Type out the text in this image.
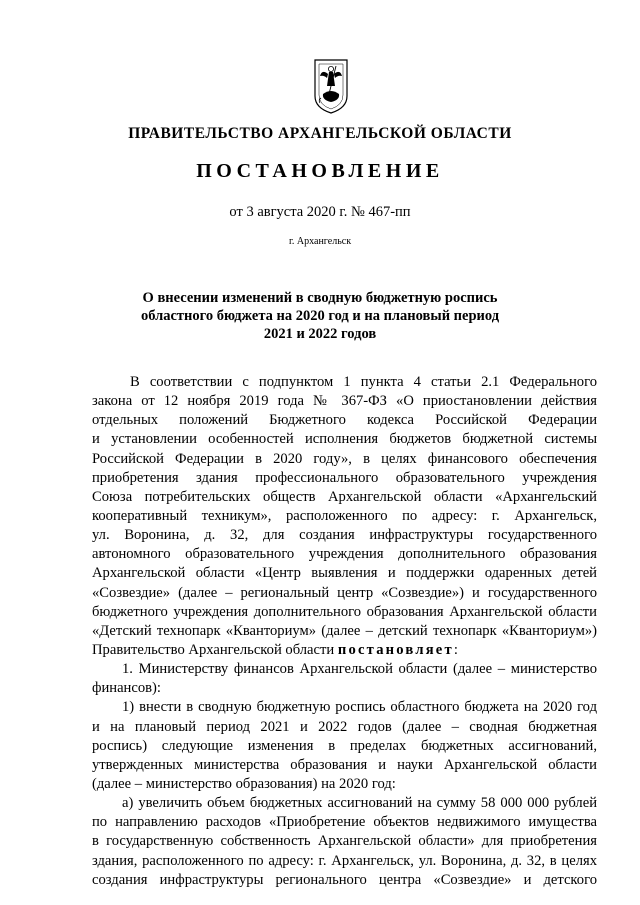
ПРАВИТЕЛЬСТВО АРХАНГЕЛЬСКОЙ ОБЛАСТИ
ПОСТАНОВЛЕНИЕ
от 3 августа 2020 г. № 467-пп
г. Архангельск
О внесении изменений в сводную бюджетную роспись
областного бюджета на 2020 год и на плановый период
2021 и 2022 годов
В соответствии с подпунктом 1 пункта 4 статьи 2.1 Федерального
закона от 12 ноября 2019 года № 367-ФЗ «О приостановлении действия
отдельных положений Бюджетного кодекса Российской Федерации
и установлении особенностей исполнения бюджетов бюджетной системы
Российской Федерации в 2020 году», в целях финансового обеспечения
приобретения здания профессионального образовательного учреждения
Союза потребительских обществ Архангельской области «Архангельский
кооперативный техникум», расположенного по адресу: г. Архангельск,
ул. Воронина, д. 32, для создания инфраструктуры государственного
автономного образовательного учреждения дополнительного образования
Архангельской области «Центр выявления и поддержки одаренных детей
«Созвездие» (далее – региональный центр «Созвездие») и государственного
бюджетного учреждения дополнительного образования Архангельской области
«Детский технопарк «Кванториум» (далее – детский технопарк «Кванториум»)
Правительство Архангельской области постановляет:
1. Министерству финансов Архангельской области (далее – министерство
финансов):
1) внести в сводную бюджетную роспись областного бюджета на 2020 год
и на плановый период 2021 и 2022 годов (далее – сводная бюджетная
роспись) следующие изменения в пределах бюджетных ассигнований,
утвержденных министерства образования и науки Архангельской области
(далее – министерство образования) на 2020 год:
а) увеличить объем бюджетных ассигнований на сумму 58 000 000 рублей
по направлению расходов «Приобретение объектов недвижимого имущества
в государственную собственность Архангельской области» для приобретения
здания, расположенного по адресу: г. Архангельск, ул. Воронина, д. 32, в целях
создания инфраструктуры регионального центра «Созвездие» и детского
